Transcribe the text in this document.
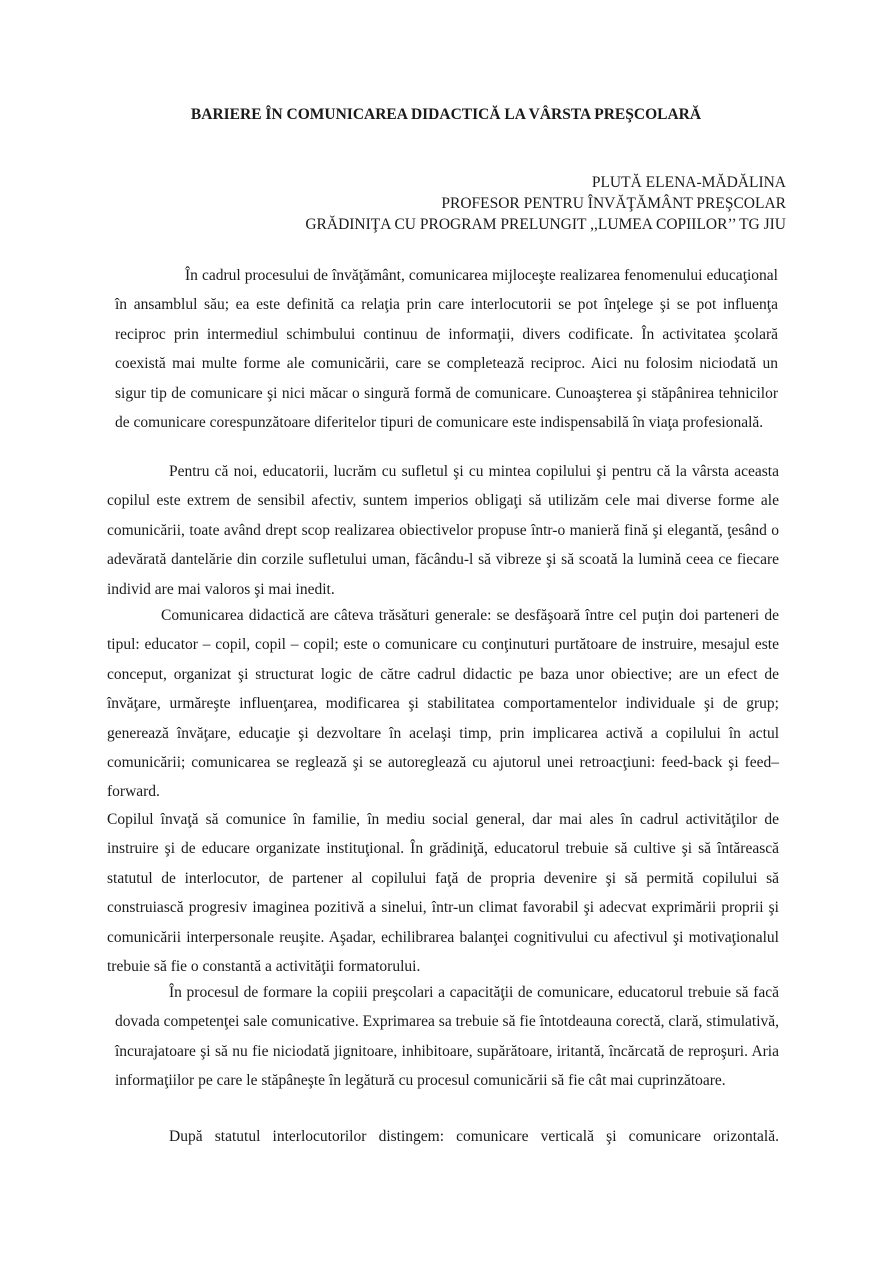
BARIERE ÎN COMUNICAREA DIDACTICĂ LA VÂRSTA PREŞCOLARĂ
PLUTĂ ELENA-MĂDĂLINA
PROFESOR PENTRU ÎNVĂŢĂMÂNT PREŞCOLAR
GRĂDINIŢA CU PROGRAM PRELUNGIT ,,LUMEA COPIILOR’’ TG JIU

În cadrul procesului de învăţământ, comunicarea mijloceşte realizarea fenomenului educaţional în ansamblul său; ea este definită ca relaţia prin care interlocutorii se pot înţelege şi se pot influenţa reciproc prin intermediul schimbului continuu de informaţii, divers codificate. În activitatea şcolară coexistă mai multe forme ale comunicării, care se completează reciproc. Aici nu folosim niciodată un sigur tip de comunicare şi nici măcar o singură formă de comunicare. Cunoaşterea şi stăpânirea tehnicilor de comunicare corespunzătoare diferitelor tipuri de comunicare este indispensabilă în viaţa profesională.

Pentru că noi, educatorii, lucrăm cu sufletul şi cu mintea copilului şi pentru că la vârsta aceasta copilul este extrem de sensibil afectiv, suntem imperios obligaţi să utilizăm cele mai diverse forme ale comunicării, toate având drept scop realizarea obiectivelor propuse într-o manieră fină şi elegantă, ţesând o adevărată dantelărie din corzile sufletului uman, făcându-l să vibreze şi să scoată la lumină ceea ce fiecare individ are mai valoros şi mai inedit.

Comunicarea didactică are câteva trăsături generale: se desfăşoară între cel puţin doi parteneri de tipul: educator – copil, copil – copil; este o comunicare cu conţinuturi purtătoare de instruire, mesajul este conceput, organizat şi structurat logic de către cadrul didactic pe baza unor obiective; are un efect de învăţare, urmăreşte influenţarea, modificarea şi stabilitatea comportamentelor individuale şi de grup; generează învăţare, educaţie şi dezvoltare în acelaşi timp, prin implicarea activă a copilului în actul comunicării; comunicarea se reglează şi se autoreglează cu ajutorul unei retroacţiuni: feed-back şi feed–forward.

Copilul învaţă să comunice în familie, în mediu social general, dar mai ales în cadrul activităţilor de instruire şi de educare organizate instituţional. În grădiniţă, educatorul trebuie să cultive şi să întărească statutul de interlocutor, de partener al copilului faţă de propria devenire şi să permită copilului să construiască progresiv imaginea pozitivă a sinelui, într-un climat favorabil şi adecvat exprimării proprii şi comunicării interpersonale reuşite. Aşadar, echilibrarea balanţei cognitivului cu afectivul şi motivaţionalul trebuie să fie o constantă a activităţii formatorului.

În procesul de formare la copiii preşcolari a capacităţii de comunicare, educatorul trebuie să facă dovada competenţei sale comunicative. Exprimarea sa trebuie să fie întotdeauna corectă, clară, stimulativă, încurajatoare şi să nu fie niciodată jignitoare, inhibitoare, supărătoare, iritantă, încărcată de reproşuri. Aria informaţiilor pe care le stăpâneşte în legătură cu procesul comunicării să fie cât mai cuprinzătoare.

După statutul interlocutorilor distingem: comunicare verticală şi comunicare orizontală.
